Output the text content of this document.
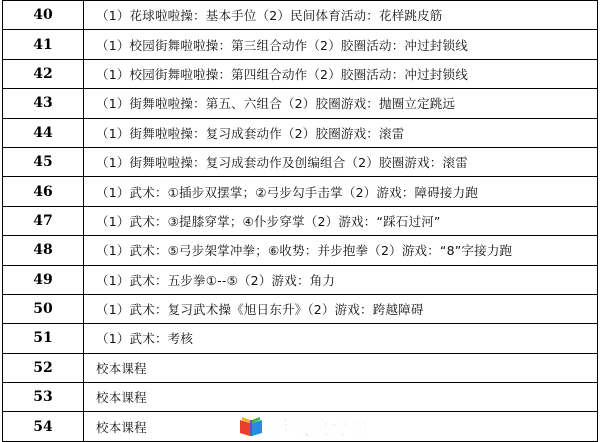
40	（1）花球啦啦操：基本手位（2）民间体育活动：花样跳皮筋
41	（1）校园街舞啦啦操：第三组合动作（2）胶圈活动：冲过封锁线
42	（1）校园街舞啦啦操：第四组合动作（2）胶圈活动：冲过封锁线
43	（1）街舞啦啦操：第五、六组合（2）胶圈游戏：抛圈立定跳远
44	（1）街舞啦啦操：复习成套动作（2）胶圈游戏：滚雷
45	（1）街舞啦啦操：复习成套动作及创编组合（2）胶圈游戏：滚雷
46	（1）武术：①插步双摆掌；②弓步勾手击掌（2）游戏：障碍接力跑
47	（1）武术：③提膝穿掌；④仆步穿掌（2）游戏：“踩石过河”
48	（1）武术：⑤弓步架掌冲拳；⑥收势：并步抱拳（2）游戏：“8”字接力跑
49	（1）武术：五步拳①--⑤（2）游戏：角力
50	（1）武术：复习武术操《旭日东升》（2）游戏：跨越障碍
51	（1）武术：考核
52	校本课程
53	校本课程
54	校本课程	彭城教育网
